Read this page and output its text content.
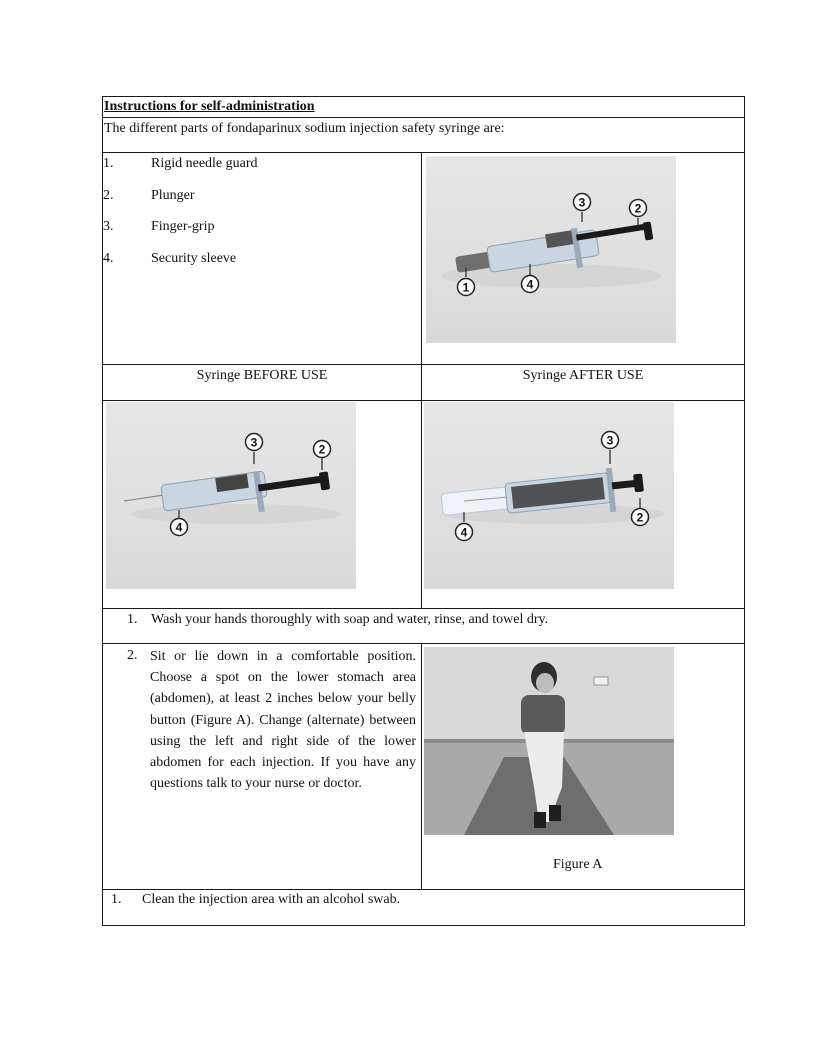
Instructions for self-administration
The different parts of fondaparinux sodium injection safety syringe are:
1.	Rigid needle guard
2.	Plunger
3.	Finger-grip
4.	Security sleeve
1	4
3	2
Syringe BEFORE USE	Syringe AFTER USE
4
3	2
4
3
2
1. Wash your hands thoroughly with soap and water, rinse, and towel dry.
2. Sit or lie down in a comfortable position. Choose a spot on the lower stomach area (abdomen), at least 2 inches below your belly button (Figure A). Change (alternate) between using the left and right side of the lower abdomen for each injection. If you have any questions talk to your nurse or doctor.
Figure A
1. Clean the injection area with an alcohol swab.
